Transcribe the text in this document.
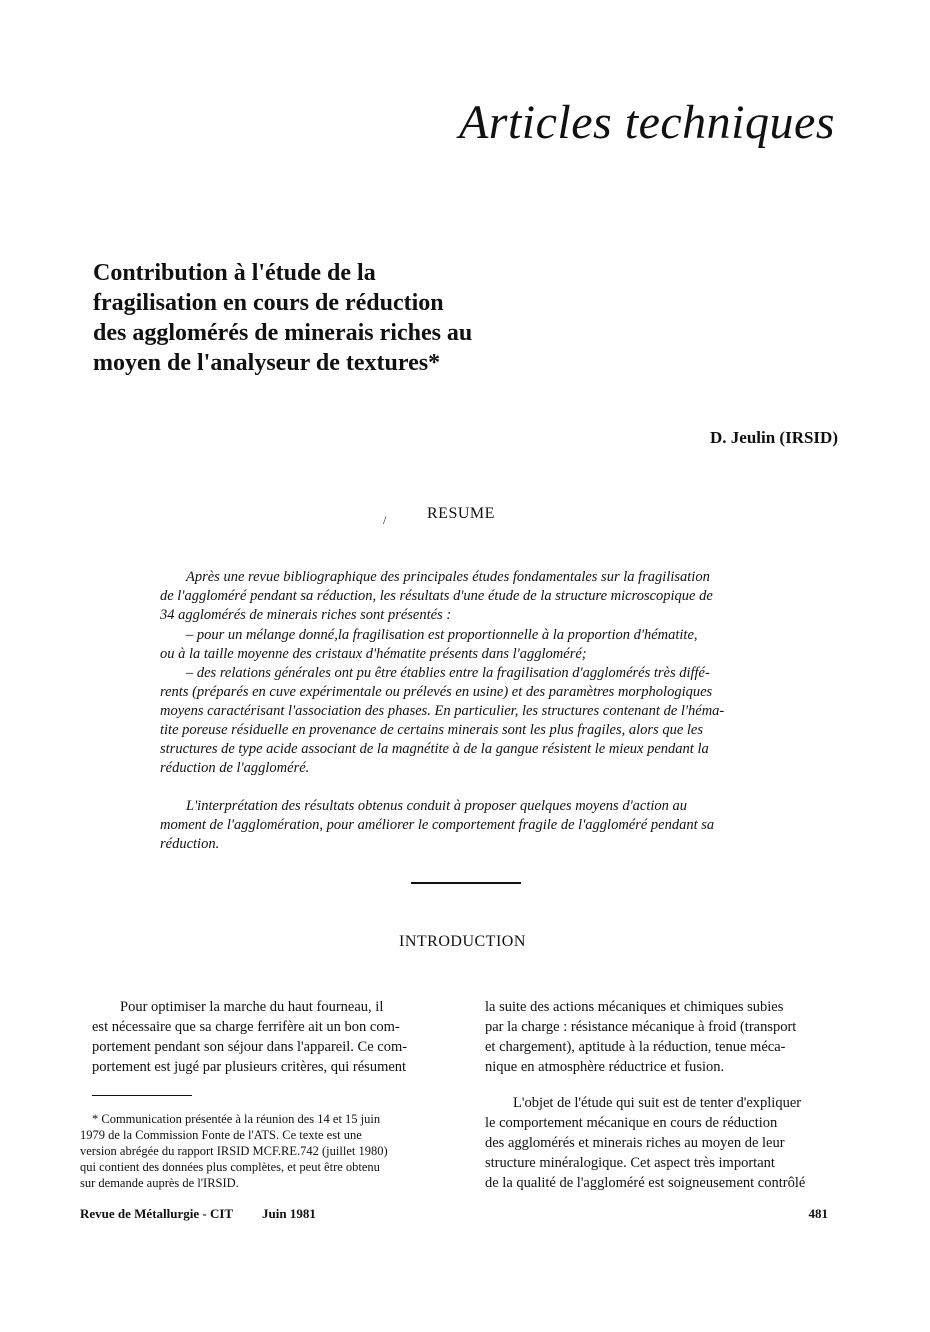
Articles techniques
Contribution à l'étude de la
fragilisation en cours de réduction
des agglomérés de minerais riches au
moyen de l'analyseur de textures*
D. Jeulin (IRSID)
/	RESUME
Après une revue bibliographique des principales études fondamentales sur la fragilisation
de l'aggloméré pendant sa réduction, les résultats d'une étude de la structure microscopique de
34 agglomérés de minerais riches sont présentés :
– pour un mélange donné,la fragilisation est proportionnelle à la proportion d'hématite,
ou à la taille moyenne des cristaux d'hématite présents dans l'aggloméré;
– des relations générales ont pu être établies entre la fragilisation d'agglomérés très diffé-
rents (préparés en cuve expérimentale ou prélevés en usine) et des paramètres morphologiques
moyens caractérisant l'association des phases. En particulier, les structures contenant de l'héma-
tite poreuse résiduelle en provenance de certains minerais sont les plus fragiles, alors que les
structures de type acide associant de la magnétite à de la gangue résistent le mieux pendant la
réduction de l'aggloméré.
L'interprétation des résultats obtenus conduit à proposer quelques moyens d'action au
moment de l'agglomération, pour améliorer le comportement fragile de l'aggloméré pendant sa
réduction.
INTRODUCTION
Pour optimiser la marche du haut fourneau, il
est nécessaire que sa charge ferrifère ait un bon com-
portement pendant son séjour dans l'appareil. Ce com-
portement est jugé par plusieurs critères, qui résument
* Communication présentée à la réunion des 14 et 15 juin
1979 de la Commission Fonte de l'ATS. Ce texte est une
version abrégée du rapport IRSID MCF.RE.742 (juillet 1980)
qui contient des données plus complètes, et peut être obtenu
sur demande auprès de l'IRSID.
la suite des actions mécaniques et chimiques subies
par la charge : résistance mécanique à froid (transport
et chargement), aptitude à la réduction, tenue méca-
nique en atmosphère réductrice et fusion.
L'objet de l'étude qui suit est de tenter d'expliquer
le comportement mécanique en cours de réduction
des agglomérés et minerais riches au moyen de leur
structure minéralogique. Cet aspect très important
de la qualité de l'aggloméré est soigneusement contrôlé
Revue de Métallurgie - CIT Juin 1981	481
